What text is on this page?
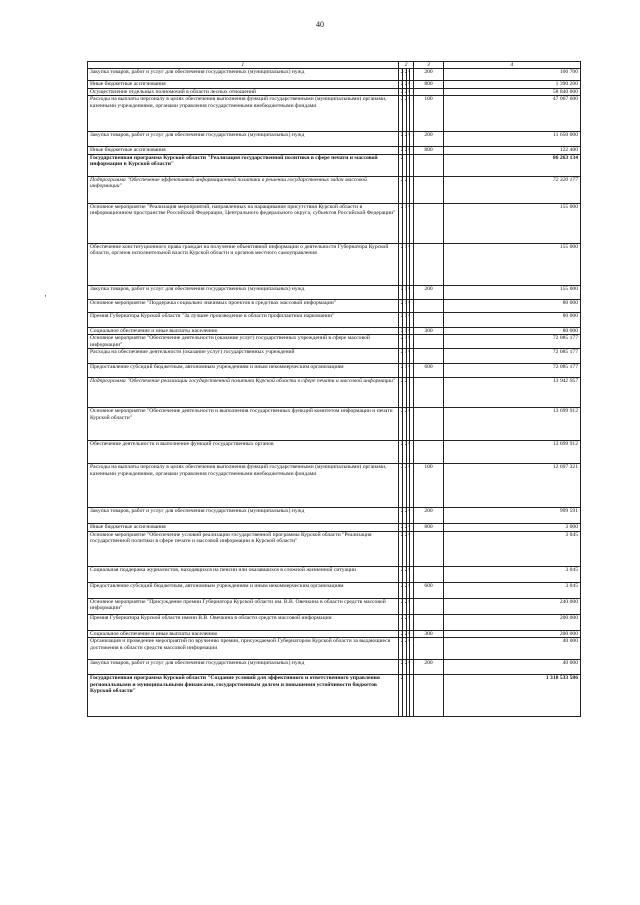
40
·
1	2				3	4
Закупка товаров, работ и услуг для обеспечения государственных (муниципальных) нужд					200	100 700
Иные бюджетные ассигнования					800	1 390 200
Осуществление отдельных полномочий в области лесных отношений						58 840 000
Расходы на выплаты персоналу в целях обеспечения выполнения функций государственными (муниципальными) органами, казенными учреждениями, органами управления государственными внебюджетными фондами					100	47 067 600
Закупка товаров, работ и услуг для обеспечения государственных (муниципальных) нужд					200	11 650 000
Иные бюджетные ассигнования					800	122 400
Государственная программа Курской области "Реализация государственной политики в сфере печати и массовой информации в Курской области"						86 263 134
Подпрограмма "Обеспечение эффективной информационной политики в решении государственных задач массовой информации"						72 320 177
Основное мероприятие "Реализация мероприятий, направленных на наращивание присутствия Курской области в информационном пространстве Российской Федерации, Центрального федерального округа, субъектов Российской Федерации"						155 000
Обеспечение конституционного права граждан на получение объективной информации о деятельности Губернатора Курской области, органов исполнительной власти Курской области и органов местного самоуправления						155 000
Закупка товаров, работ и услуг для обеспечения государственных (муниципальных) нужд					200	155 000
Основное мероприятие "Поддержка социально значимых проектов в средствах массовой информации"						80 000
Премия Губернатора Курской области "За лучшее произведение в области профилактики наркомании"						80 000
Социальное обеспечение и иные выплаты населению					300	80 000
Основное мероприятие "Обеспечение деятельности (оказание услуг) государственных учреждений в сфере массовой информации"						72 085 177
Расходы на обеспечение деятельности (оказание услуг) государственных учреждений						72 085 177
Предоставление субсидий бюджетным, автономным учреждениям и иным некоммерческим организациям					600	72 085 177
Подпрограмма "Обеспечение реализации государственной политики Курской области в сфере печати и массовой информации"						13 942 957
Основное мероприятие "Обеспечение деятельности и выполнения государственных функций комитетом информации и печати Курской области"						13 699 912
Обеспечение деятельности и выполнение функций государственных органов						13 699 912
Расходы на выплаты персоналу в целях обеспечения выполнения функций государственными (муниципальными) органами, казенными учреждениями, органами управления государственными внебюджетными фондами					100	12 697 321
Закупка товаров, работ и услуг для обеспечения государственных (муниципальных) нужд					200	999 591
Иные бюджетные ассигнования					800	3 000
Основное мероприятие "Обеспечение условий реализации государственной программы Курской области "Реализация государственной политики в сфере печати и массовой информации в Курской области"						3 045
Социальная поддержка журналистов, находящихся на пенсии или оказавшихся в сложной жизненной ситуации						3 045
Предоставление субсидий бюджетным, автономным учреждениям и иным некоммерческим организациям					600	3 045
Основное мероприятие "Присуждение премии Губернатора Курской области им. В.В. Овечкина в области средств массовой информации"						240 000
Премия Губернатора Курской области имени В.В. Овечкина в области средств массовой информации						200 000
Социальное обеспечение и иные выплаты населению					300	200 000
Организация и проведение мероприятий по вручению премии, присуждаемой Губернатором Курской области за выдающиеся достижения в области средств массовой информации						40 000
Закупка товаров, работ и услуг для обеспечения государственных (муниципальных) нужд					200	40 000
Государственная программа Курской области "Создание условий для эффективного и ответственного управления региональными и муниципальными финансами, государственным долгом и повышения устойчивости бюджетов Курской области"						1 318 533 586
